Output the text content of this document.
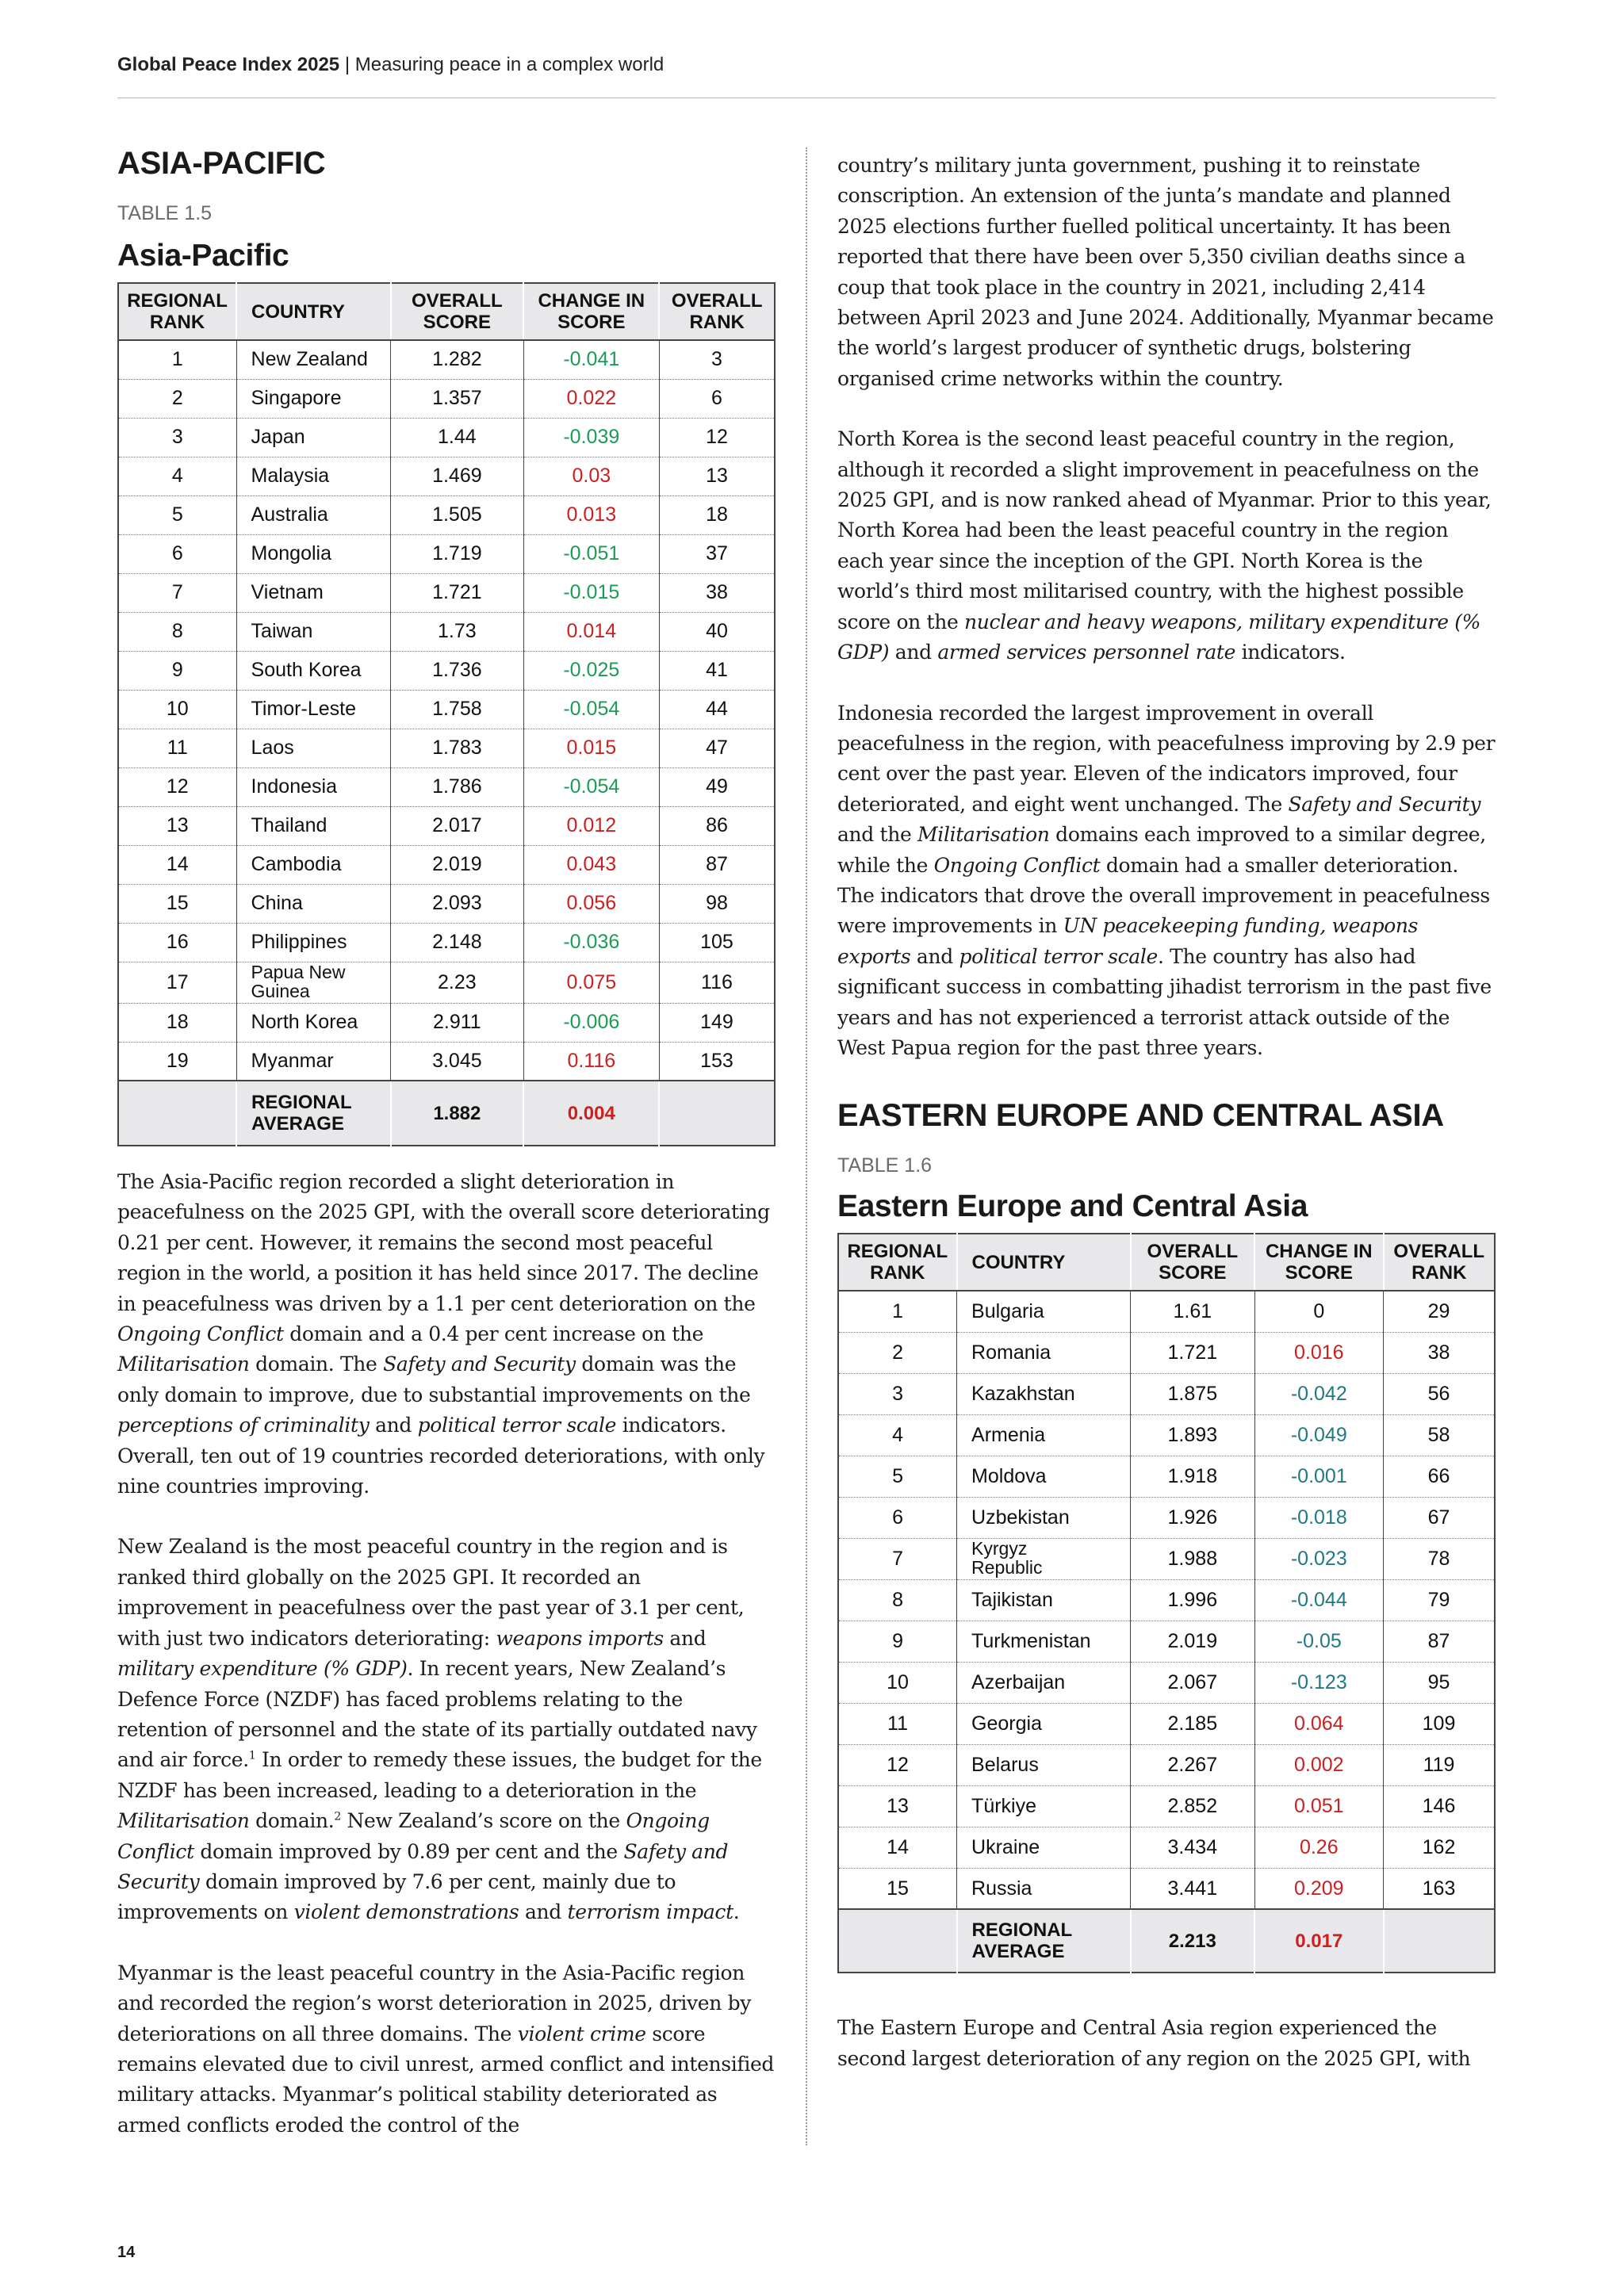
Global Peace Index 2025 | Measuring peace in a complex world
ASIA-PACIFIC
TABLE 1.5
Asia-Pacific
REGIONAL RANK	COUNTRY	OVERALL SCORE	CHANGE IN SCORE	OVERALL RANK
1	New Zealand	1.282	-0.041	3
2	Singapore	1.357	0.022	6
3	Japan	1.44	-0.039	12
4	Malaysia	1.469	0.03	13
5	Australia	1.505	0.013	18
6	Mongolia	1.719	-0.051	37
7	Vietnam	1.721	-0.015	38
8	Taiwan	1.73	0.014	40
9	South Korea	1.736	-0.025	41
10	Timor-Leste	1.758	-0.054	44
11	Laos	1.783	0.015	47
12	Indonesia	1.786	-0.054	49
13	Thailand	2.017	0.012	86
14	Cambodia	2.019	0.043	87
15	China	2.093	0.056	98
16	Philippines	2.148	-0.036	105
17	Papua New Guinea	2.23	0.075	116
18	North Korea	2.911	-0.006	149
19	Myanmar	3.045	0.116	153
	REGIONAL AVERAGE	1.882	0.004	

The Asia-Pacific region recorded a slight deterioration in peacefulness on the 2025 GPI, with the overall score deteriorating 0.21 per cent. However, it remains the second most peaceful region in the world, a position it has held since 2017. The decline in peacefulness was driven by a 1.1 per cent deterioration on the Ongoing Conflict domain and a 0.4 per cent increase on the Militarisation domain. The Safety and Security domain was the only domain to improve, due to substantial improvements on the perceptions of criminality and political terror scale indicators. Overall, ten out of 19 countries recorded deteriorations, with only nine countries improving.

New Zealand is the most peaceful country in the region and is ranked third globally on the 2025 GPI. It recorded an improvement in peacefulness over the past year of 3.1 per cent, with just two indicators deteriorating: weapons imports and military expenditure (% GDP). In recent years, New Zealand’s Defence Force (NZDF) has faced problems relating to the retention of personnel and the state of its partially outdated navy and air force.$^1$ In order to remedy these issues, the budget for the NZDF has been increased, leading to a deterioration in the Militarisation domain.$^2$ New Zealand’s score on the Ongoing Conflict domain improved by 0.89 per cent and the Safety and Security domain improved by 7.6 per cent, mainly due to improvements on violent demonstrations and terrorism impact.

Myanmar is the least peaceful country in the Asia-Pacific region and recorded the region’s worst deterioration in 2025, driven by deteriorations on all three domains. The violent crime score remains elevated due to civil unrest, armed conflict and intensified military attacks. Myanmar’s political stability deteriorated as armed conflicts eroded the control of the

country’s military junta government, pushing it to reinstate conscription. An extension of the junta’s mandate and planned 2025 elections further fuelled political uncertainty. It has been reported that there have been over 5,350 civilian deaths since a coup that took place in the country in 2021, including 2,414 between April 2023 and June 2024. Additionally, Myanmar became the world’s largest producer of synthetic drugs, bolstering organised crime networks within the country.

North Korea is the second least peaceful country in the region, although it recorded a slight improvement in peacefulness on the 2025 GPI, and is now ranked ahead of Myanmar. Prior to this year, North Korea had been the least peaceful country in the region each year since the inception of the GPI. North Korea is the world’s third most militarised country, with the highest possible score on the nuclear and heavy weapons, military expenditure (% GDP) and armed services personnel rate indicators.

Indonesia recorded the largest improvement in overall peacefulness in the region, with peacefulness improving by 2.9 per cent over the past year. Eleven of the indicators improved, four deteriorated, and eight went unchanged. The Safety and Security and the Militarisation domains each improved to a similar degree, while the Ongoing Conflict domain had a smaller deterioration. The indicators that drove the overall improvement in peacefulness were improvements in UN peacekeeping funding, weapons exports and political terror scale. The country has also had significant success in combatting jihadist terrorism in the past five years and has not experienced a terrorist attack outside of the West Papua region for the past three years.

EASTERN EUROPE AND CENTRAL ASIA
TABLE 1.6
Eastern Europe and Central Asia
REGIONAL RANK	COUNTRY	OVERALL SCORE	CHANGE IN SCORE	OVERALL RANK
1	Bulgaria	1.61	0	29
2	Romania	1.721	0.016	38
3	Kazakhstan	1.875	-0.042	56
4	Armenia	1.893	-0.049	58
5	Moldova	1.918	-0.001	66
6	Uzbekistan	1.926	-0.018	67
7	Kyrgyz Republic	1.988	-0.023	78
8	Tajikistan	1.996	-0.044	79
9	Turkmenistan	2.019	-0.05	87
10	Azerbaijan	2.067	-0.123	95
11	Georgia	2.185	0.064	109
12	Belarus	2.267	0.002	119
13	Türkiye	2.852	0.051	146
14	Ukraine	3.434	0.26	162
15	Russia	3.441	0.209	163
	REGIONAL AVERAGE	2.213	0.017	

The Eastern Europe and Central Asia region experienced the second largest deterioration of any region on the 2025 GPI, with

14
